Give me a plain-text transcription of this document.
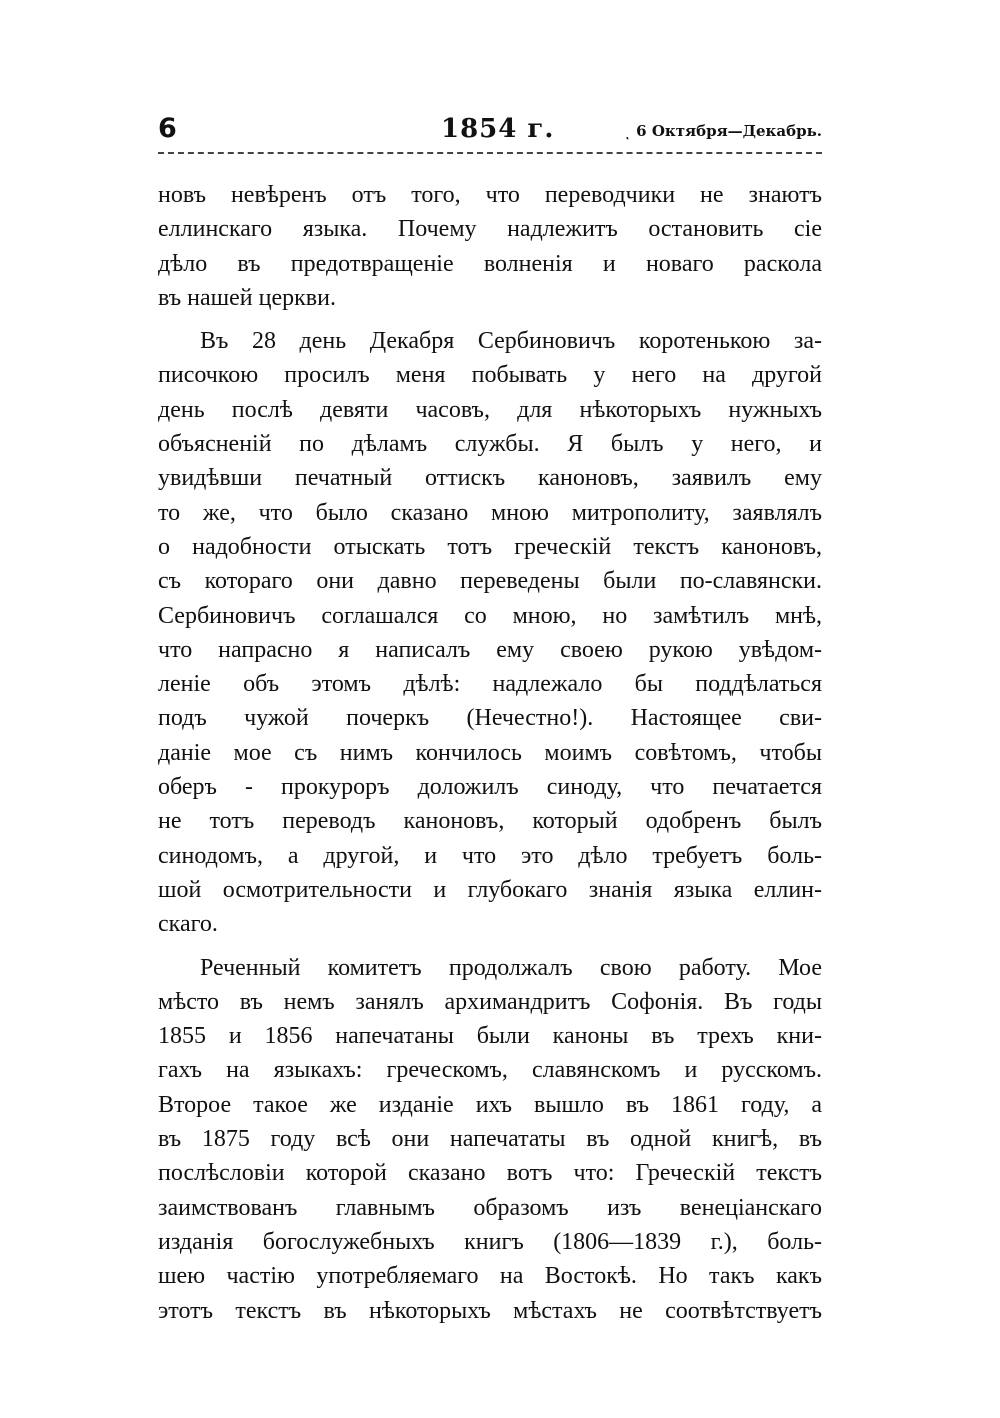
6	1854 г.	ͺ 6 Октября—Декабрь.
новъ невѣренъ отъ того, что переводчики не знаютъ
еллинскаго языка. Почему надлежитъ остановить сіе
дѣло въ предотвращеніе волненія и новаго раскола
въ нашей церкви.
Въ 28 день Декабря Сербиновичъ коротенькою за-
писочкою просилъ меня побывать у него на другой
день послѣ девяти часовъ, для нѣкоторыхъ нужныхъ
объясненій по дѣламъ службы. Я былъ у него, и
увидѣвши печатный оттискъ каноновъ, заявилъ ему
то же, что было сказано мною митрополиту, заявлялъ
о надобности отыскать тотъ греческій текстъ каноновъ,
съ котораго они давно переведены были по-славянски.
Сербиновичъ соглашался со мною, но замѣтилъ мнѣ,
что напрасно я написалъ ему своею рукою увѣдом-
леніе объ этомъ дѣлѣ: надлежало бы поддѣлаться
подъ чужой почеркъ (Нечестно!). Настоящее сви-
даніе мое съ нимъ кончилось моимъ совѣтомъ, чтобы
оберъ - прокуроръ доложилъ синоду, что печатается
не тотъ переводъ каноновъ, который одобренъ былъ
синодомъ, а другой, и что это дѣло требуетъ боль-
шой осмотрительности и глубокаго знанія языка еллин-
скаго.
Реченный комитетъ продолжалъ свою работу. Мое
мѣсто въ немъ занялъ архимандритъ Софонія. Въ годы
1855 и 1856 напечатаны были каноны въ трехъ кни-
гахъ на языкахъ: греческомъ, славянскомъ и русскомъ.
Второе такое же изданіе ихъ вышло въ 1861 году, а
въ 1875 году всѣ они напечататы въ одной книгѣ, въ
послѣсловіи которой сказано вотъ что: Греческій текстъ
заимствованъ главнымъ образомъ изъ венеціанскаго
изданія богослужебныхъ книгъ (1806—1839 г.), боль-
шею частію употребляемаго на Востокѣ. Но такъ какъ
этотъ текстъ въ нѣкоторыхъ мѣстахъ не соотвѣтствуетъ
